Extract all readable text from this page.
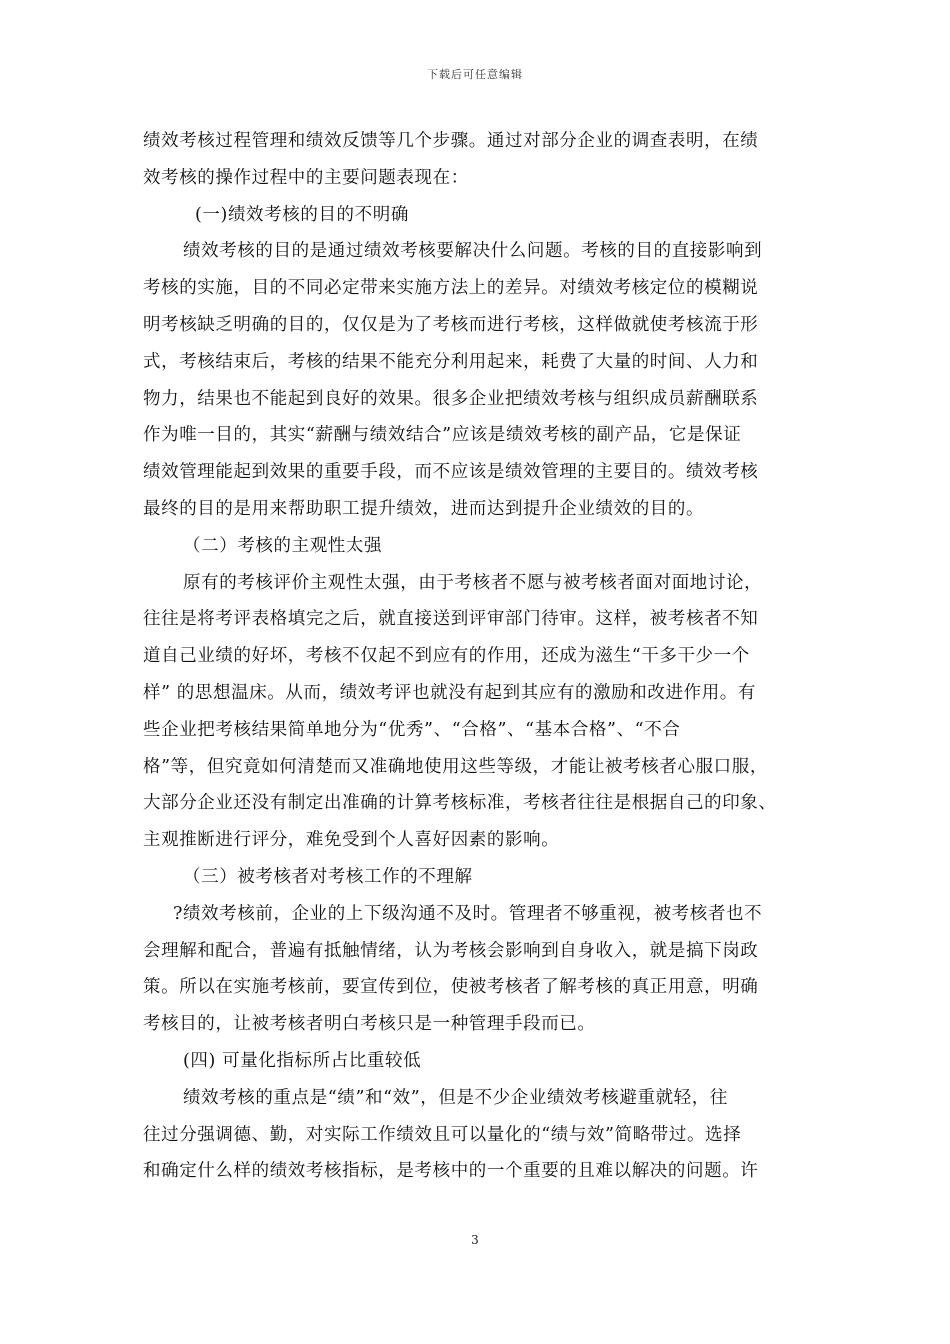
下载后可任意编辑
绩效考核过程管理和绩效反馈等几个步骤。通过对部分企业的调查表明，在绩
效考核的操作过程中的主要问题表现在：
(一)绩效考核的目的不明确
绩效考核的目的是通过绩效考核要解决什么问题。考核的目的直接影响到
考核的实施，目的不同必定带来实施方法上的差异。对绩效考核定位的模糊说
明考核缺乏明确的目的，仅仅是为了考核而进行考核，这样做就使考核流于形
式，考核结束后，考核的结果不能充分利用起来，耗费了大量的时间、人力和
物力，结果也不能起到良好的效果。很多企业把绩效考核与组织成员薪酬联系
作为唯一目的，其实“薪酬与绩效结合”应该是绩效考核的副产品，它是保证
绩效管理能起到效果的重要手段，而不应该是绩效管理的主要目的。绩效考核
最终的目的是用来帮助职工提升绩效，进而达到提升企业绩效的目的。
（二）考核的主观性太强
原有的考核评价主观性太强，由于考核者不愿与被考核者面对面地讨论，
往往是将考评表格填完之后，就直接送到评审部门待审。这样，被考核者不知
道自己业绩的好坏，考核不仅起不到应有的作用，还成为滋生“干多干少一个
样” 的思想温床。从而，绩效考评也就没有起到其应有的激励和改进作用。有
些企业把考核结果简单地分为“优秀”、“合格”、“基本合格”、“不合
格”等，但究竟如何清楚而又准确地使用这些等级，才能让被考核者心服口服，
大部分企业还没有制定出准确的计算考核标准，考核者往往是根据自己的印象、
主观推断进行评分，难免受到个人喜好因素的影响。
（三）被考核者对考核工作的不理解
?绩效考核前，企业的上下级沟通不及时。管理者不够重视，被考核者也不
会理解和配合，普遍有抵触情绪，认为考核会影响到自身收入，就是搞下岗政
策。所以在实施考核前，要宣传到位，使被考核者了解考核的真正用意，明确
考核目的，让被考核者明白考核只是一种管理手段而已。
(四) 可量化指标所占比重较低
绩效考核的重点是“绩”和“效”，但是不少企业绩效考核避重就轻，往
往过分强调德、勤，对实际工作绩效且可以量化的“绩与效”简略带过。选择
和确定什么样的绩效考核指标，是考核中的一个重要的且难以解决的问题。许
3
